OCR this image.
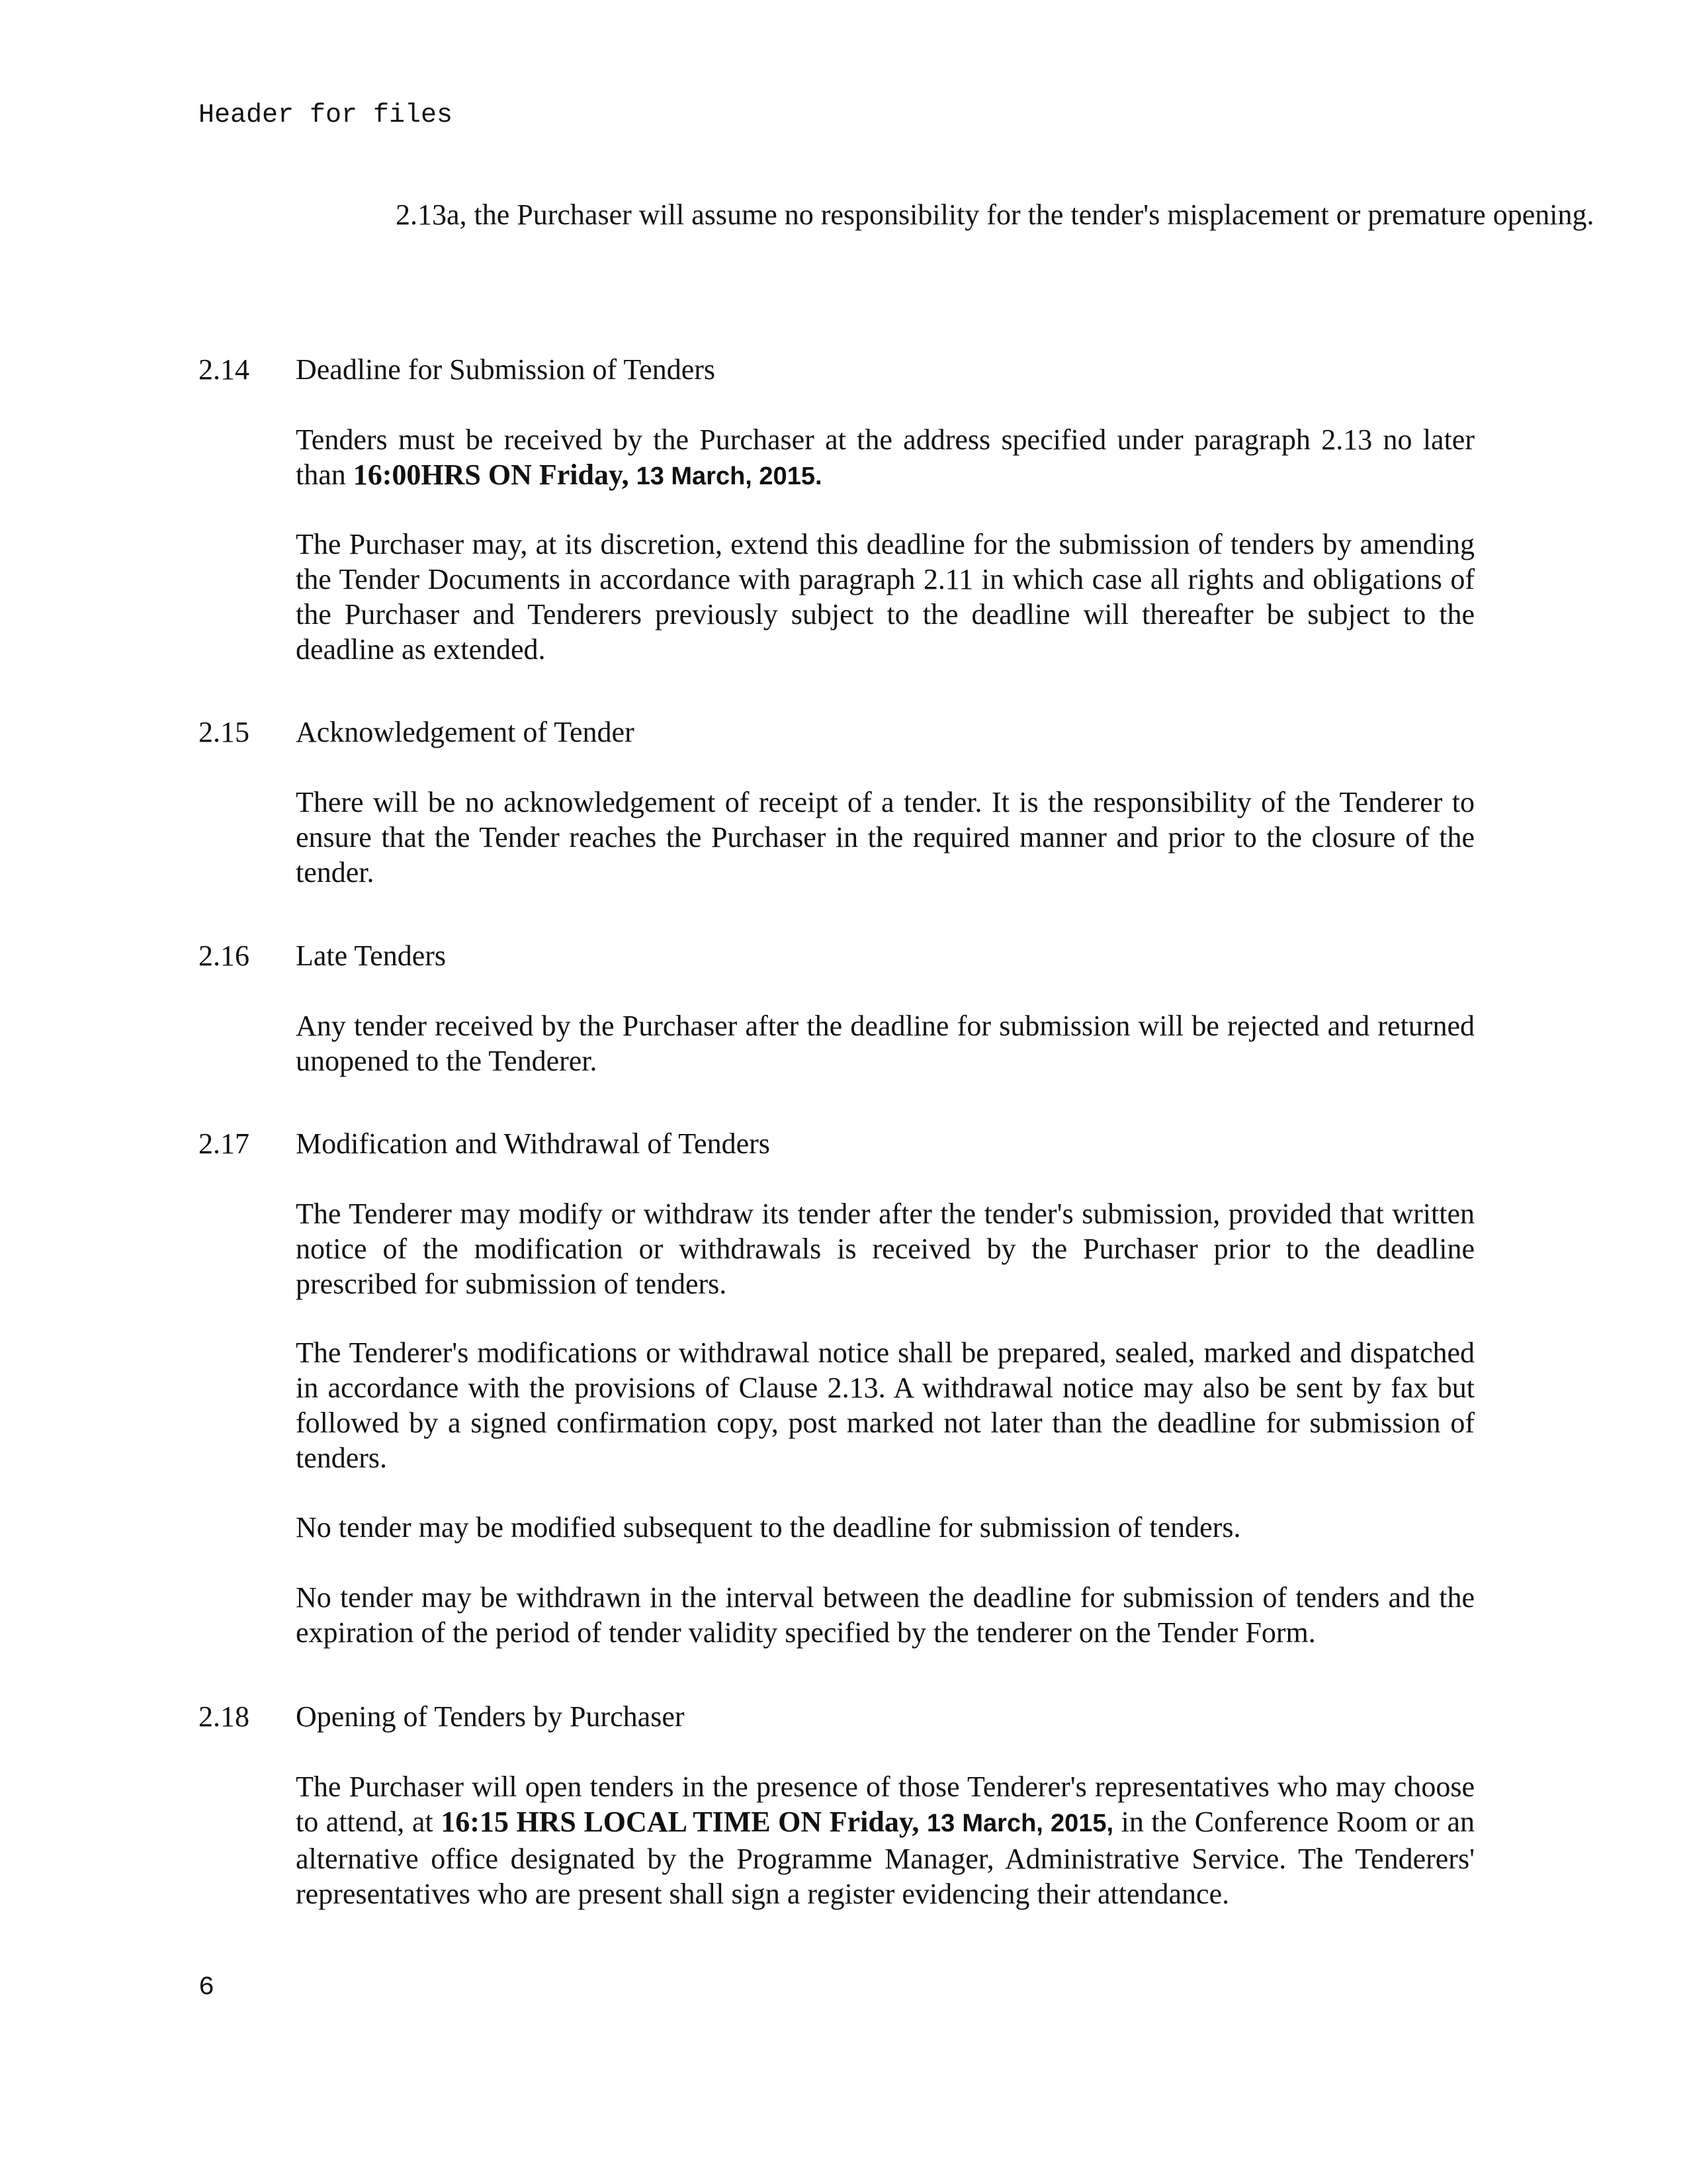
Header for files

2.13a, the Purchaser will assume no responsibility for the tender's misplacement or premature opening.

2.14 Deadline for Submission of Tenders

Tenders must be received by the Purchaser at the address specified under paragraph 2.13 no later than 16:00HRS ON Friday, 13 March, 2015.

The Purchaser may, at its discretion, extend this deadline for the submission of tenders by amending the Tender Documents in accordance with paragraph 2.11 in which case all rights and obligations of the Purchaser and Tenderers previously subject to the deadline will thereafter be subject to the deadline as extended.

2.15 Acknowledgement of Tender

There will be no acknowledgement of receipt of a tender. It is the responsibility of the Tenderer to ensure that the Tender reaches the Purchaser in the required manner and prior to the closure of the tender.

2.16 Late Tenders

Any tender received by the Purchaser after the deadline for submission will be rejected and returned unopened to the Tenderer.

2.17 Modification and Withdrawal of Tenders

The Tenderer may modify or withdraw its tender after the tender's submission, provided that written notice of the modification or withdrawals is received by the Purchaser prior to the deadline prescribed for submission of tenders.

The Tenderer's modifications or withdrawal notice shall be prepared, sealed, marked and dispatched in accordance with the provisions of Clause 2.13. A withdrawal notice may also be sent by fax but followed by a signed confirmation copy, post marked not later than the deadline for submission of tenders.

No tender may be modified subsequent to the deadline for submission of tenders.

No tender may be withdrawn in the interval between the deadline for submission of tenders and the expiration of the period of tender validity specified by the tenderer on the Tender Form.

2.18 Opening of Tenders by Purchaser

The Purchaser will open tenders in the presence of those Tenderer's representatives who may choose to attend, at 16:15 HRS LOCAL TIME ON Friday, 13 March, 2015, in the Conference Room or an alternative office designated by the Programme Manager, Administrative Service. The Tenderers' representatives who are present shall sign a register evidencing their attendance.

6
